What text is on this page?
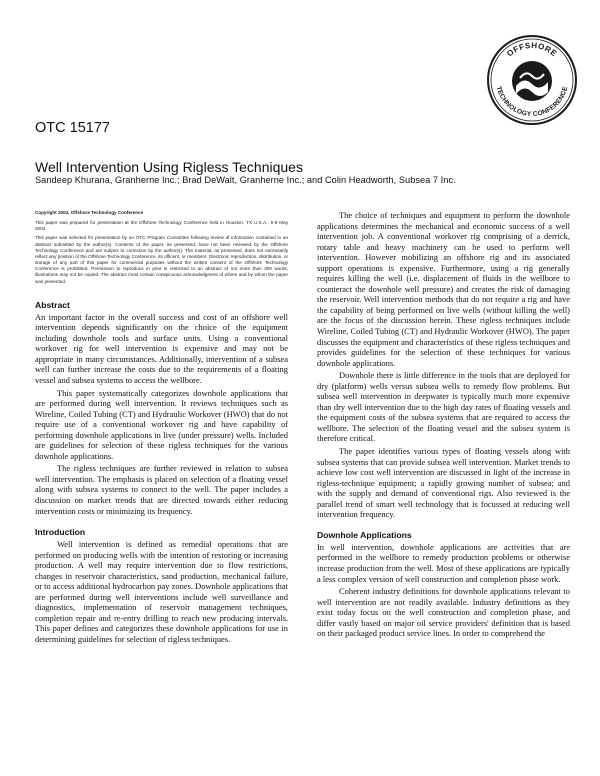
OFFSHORE
TECHNOLOGY CONFERENCE
OTC 15177
Well Intervention Using Rigless Techniques
Sandeep Khurana, Granherne Inc.; Brad DeWalt, Granherne Inc.; and Colin Headworth, Subsea 7 Inc.

Copyright 2003, Offshore Technology Conference

This paper was prepared for presentation at the Offshore Technology Conference held in Houston, TX U.S.A., 5-8 May 2003.

This paper was selected for presentation by an OTC Program Committee following review of information contained in an abstract submitted by the author(s). Contents of the paper, as presented, have not been reviewed by the Offshore Technology Conference and are subject to correction by the author(s). The material, as presented, does not necessarily reflect any position of the Offshore Technology Conference, its officers, or members. Electronic reproduction, distribution, or storage of any part of this paper for commercial purposes without the written consent of the Offshore Technology Conference is prohibited. Permission to reproduce in print is restricted to an abstract of not more than 300 words; illustrations may not be copied. The abstract must contain conspicuous acknowledgment of where and by whom the paper was presented.

Abstract

An important factor in the overall success and cost of an offshore well intervention depends significantly on the choice of the equipment including downhole tools and surface units. Using a conventional workover rig for well intervention is expensive and may not be appropriate in many circumstances. Additionally, intervention of a subsea well can further increase the costs due to the requirements of a floating vessel and subsea systems to access the wellbore.

This paper systematically categorizes downhole applications that are performed during well intervention. It reviews techniques such as Wireline, Coiled Tubing (CT) and Hydraulic Workover (HWO) that do not require use of a conventional workover rig and have capability of performing downhole applications in live (under pressure) wells. Included are guidelines for selection of these rigless techniques for the various downhole applications.

The rigless techniques are further reviewed in relation to subsea well intervention. The emphasis is placed on selection of a floating vessel along with subsea systems to connect to the well. The paper includes a discussion on market trends that are directed towards either reducing intervention costs or minimizing its frequency.

Introduction

Well intervention is defined as remedial operations that are performed on producing wells with the intention of restoring or increasing production. A well may require intervention due to flow restrictions, changes in reservoir characteristics, sand production, mechanical failure, or to access additional hydrocarbon pay zones. Downhole applications that are performed during well interventions include well surveillance and diagnostics, implementation of reservoir management techniques, completion repair and re-entry drilling to reach new producing intervals. This paper defines and categorizes these downhole applications for use in determining guidelines for selection of rigless techniques.

The choice of techniques and equipment to perform the downhole applications determines the mechanical and economic success of a well intervention job. A conventional workover rig comprising of a derrick, rotary table and heavy machinery can be used to perform well intervention. However mobilizing an offshore rig and its associated support operations is expensive. Furthermore, using a rig generally requires killing the well (i.e. displacement of fluids in the wellbore to counteract the downhole well pressure) and creates the risk of damaging the reservoir. Well intervention methods that do not require a rig and have the capability of being performed on live wells (without killing the well) are the focus of the discussion herein. These rigless techniques include Wireline, Coiled Tubing (CT) and Hydraulic Workover (HWO). The paper discusses the equipment and characteristics of these rigless techniques and provides guidelines for the selection of these techniques for various downhole applications.

Downhole there is little difference in the tools that are deployed for dry (platform) wells versus subsea wells to remedy flow problems. But subsea well intervention in deepwater is typically much more expensive than dry well intervention due to the high day rates of floating vessels and the equipment costs of the subsea systems that are required to access the wellbore. The selection of the floating vessel and the subsea system is therefore critical.

The paper identifies various types of floating vessels along with subsea systems that can provide subsea well intervention. Market trends to achieve low cost well intervention are discussed in light of the increase in rigless-technique equipment; a rapidly growing number of subsea; and with the supply and demand of conventional rigs. Also reviewed is the parallel trend of smart well technology that is focussed at reducing well intervention frequency.

Downhole Applications

In well intervention, downhole applications are activities that are performed in the wellbore to remedy production problems or otherwise increase production from the well. Most of these applications are typically a less complex version of well construction and completion phase work.

Coherent industry definitions for downhole applications relevant to well intervention are not readily available. Industry definitions as they exist today focus on the well construction and completion phase, and differ vastly based on major oil service providers' definition that is based on their packaged product service lines. In order to comprehend the
